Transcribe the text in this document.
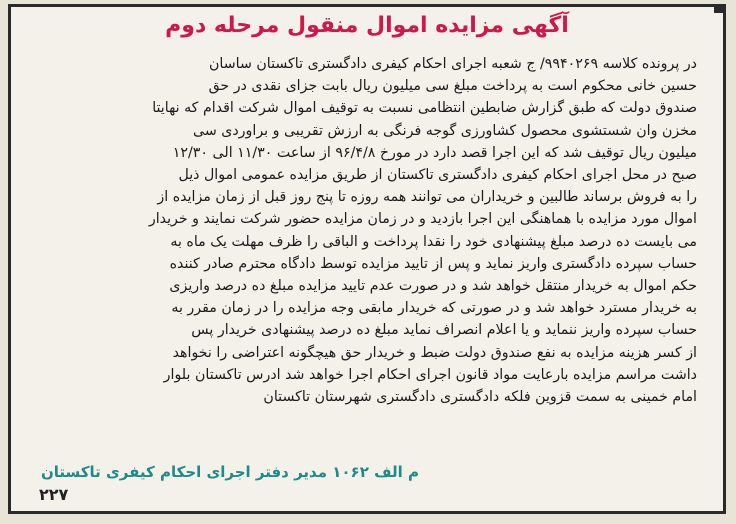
آگهی مزایده اموال منقول مرحله دوم
در پرونده کلاسه ۹۹۴۰۲۶۹/ ج شعبه اجرای احکام کیفری دادگستری تاکستان ساسان
حسین خانی محکوم است به پرداخت مبلغ سی میلیون ریال بابت جزای نقدی در حق
صندوق دولت که طبق گزارش ضابطین انتظامی نسبت به توقیف اموال شرکت اقدام که نهایتا
مخزن وان شستشوی محصول کشاورزی گوجه فرنگی به ارزش تقریبی و براوردی سی
میلیون ریال توقیف شد که این اجرا قصد دارد در مورخ ۹۶/۴/۸ از ساعت ۱۱/۳۰ الی ۱۲/۳۰
صبح در محل اجرای احکام کیفری دادگستری تاکستان از طریق مزایده عمومی اموال ذیل
را به فروش برساند طالبین و خریداران می توانند همه روزه تا پنج روز قبل از زمان مزایده از
اموال مورد مزایده با هماهنگی این اجرا بازدید و در زمان مزایده حضور شرکت نمایند و خریدار
می بایست ده درصد مبلغ پیشنهادی خود را نقدا پرداخت و الباقی را ظرف مهلت یک ماه به
حساب سپرده دادگستری واریز نماید و پس از تایید مزایده توسط دادگاه محترم صادر کننده
حکم اموال به خریدار منتقل خواهد شد و در صورت عدم تایید مزایده مبلغ ده درصد واریزی
به خریدار مسترد خواهد شد و در صورتی که خریدار مابقی وجه مزایده را در زمان مقرر به
حساب سپرده واریز ننماید و یا اعلام انصراف نماید مبلغ ده درصد پیشنهادی خریدار پس
از کسر هزینه مزایده به نفع صندوق دولت ضبط و خریدار حق هیچگونه اعتراضی را نخواهد
داشت مراسم مزایده بارعایت مواد قانون اجرای احکام اجرا خواهد شد ادرس تاکستان بلوار
امام خمینی به سمت قزوین فلکه دادگستری دادگستری شهرستان تاکستان
م الف ۱۰۶۲ مدیر دفتر اجرای احکام کیفری تاکستان
۲۲۷
